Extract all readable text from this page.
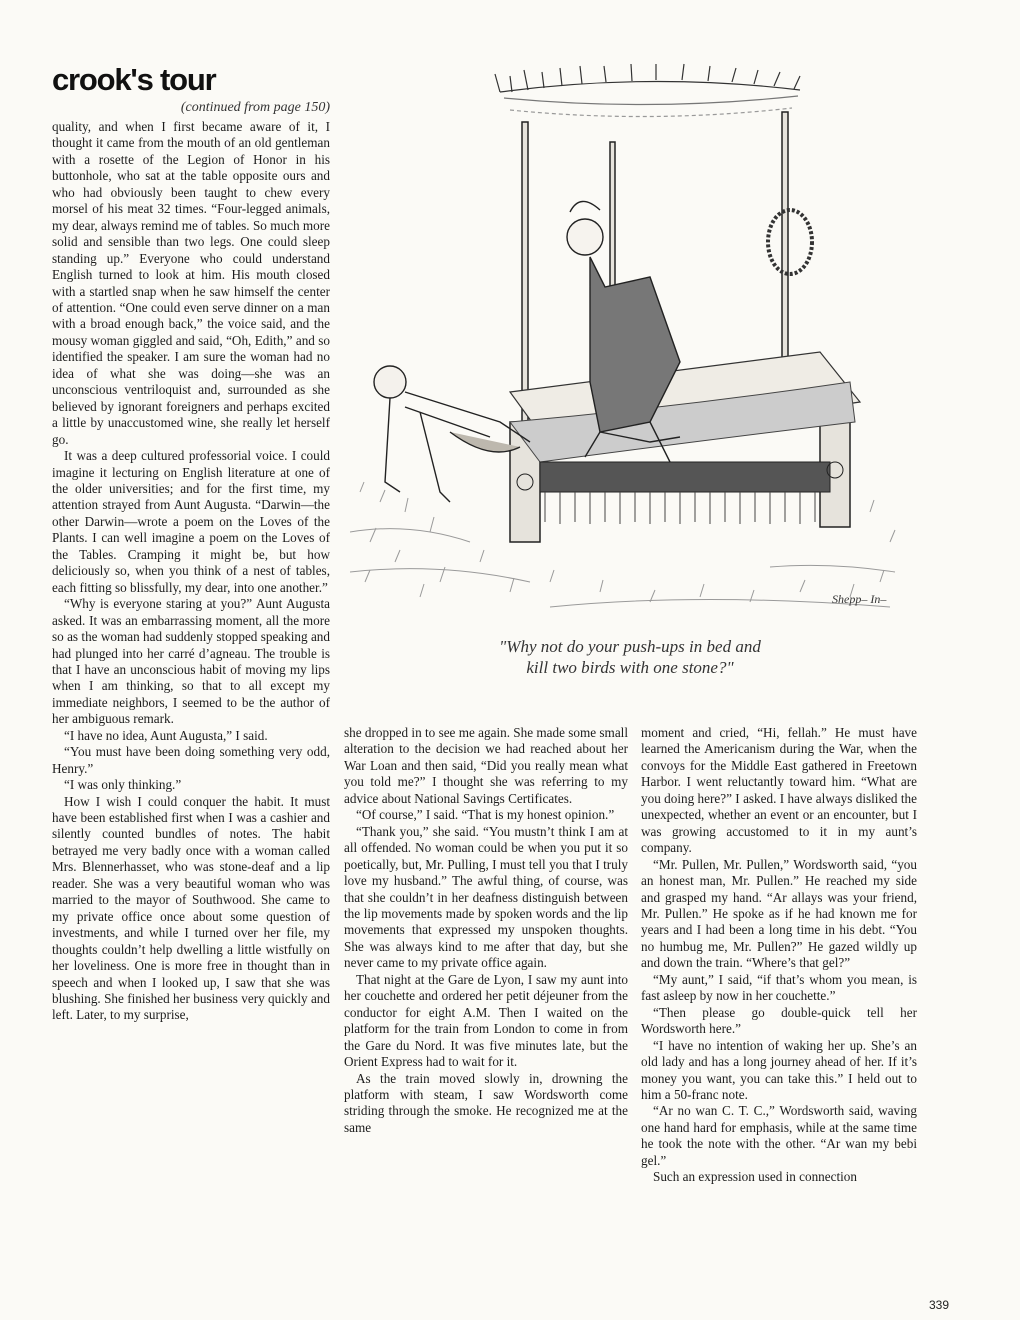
crook's tour
(continued from page 150)

quality, and when I first became aware of it, I thought it came from the mouth of an old gentleman with a rosette of the Legion of Honor in his buttonhole, who sat at the table opposite ours and who had obviously been taught to chew every morsel of his meat 32 times. “Four-legged animals, my dear, always remind me of tables. So much more solid and sensible than two legs. One could sleep standing up.” Everyone who could understand English turned to look at him. His mouth closed with a startled snap when he saw himself the center of attention. “One could even serve dinner on a man with a broad enough back,” the voice said, and the mousy woman giggled and said, “Oh, Edith,” and so identified the speaker. I am sure the woman had no idea of what she was doing—she was an unconscious ventriloquist and, surrounded as she believed by ignorant foreigners and perhaps excited a little by unaccustomed wine, she really let herself go.

It was a deep cultured professorial voice. I could imagine it lecturing on English literature at one of the older universities; and for the first time, my attention strayed from Aunt Augusta. “Darwin—the other Darwin—wrote a poem on the Loves of the Plants. I can well imagine a poem on the Loves of the Tables. Cramping it might be, but how deliciously so, when you think of a nest of tables, each fitting so blissfully, my dear, into one another.”

“Why is everyone staring at you?” Aunt Augusta asked. It was an embarrassing moment, all the more so as the woman had suddenly stopped speaking and had plunged into her carré d’agneau. The trouble is that I have an unconscious habit of moving my lips when I am thinking, so that to all except my immediate neighbors, I seemed to be the author of her ambiguous remark.

“I have no idea, Aunt Augusta,” I said.

“You must have been doing something very odd, Henry.”

“I was only thinking.”

How I wish I could conquer the habit. It must have been established first when I was a cashier and silently counted bundles of notes. The habit betrayed me very badly once with a woman called Mrs. Blennerhasset, who was stone-deaf and a lip reader. She was a very beautiful woman who was married to the mayor of Southwood. She came to my private office once about some question of investments, and while I turned over her file, my thoughts couldn’t help dwelling a little wistfully on her loveliness. One is more free in thought than in speech and when I looked up, I saw that she was blushing. She finished her business very quickly and left. Later, to my surprise,

Shepp– In–
"Why not do your push-ups in bed and
kill two birds with one stone?"

she dropped in to see me again. She made some small alteration to the decision we had reached about her War Loan and then said, “Did you really mean what you told me?” I thought she was referring to my advice about National Savings Certificates.

“Of course,” I said. “That is my honest opinion.”

“Thank you,” she said. “You mustn’t think I am at all offended. No woman could be when you put it so poetically, but, Mr. Pulling, I must tell you that I truly love my husband.” The awful thing, of course, was that she couldn’t in her deafness distinguish between the lip movements made by spoken words and the lip movements that expressed my unspoken thoughts. She was always kind to me after that day, but she never came to my private office again.

That night at the Gare de Lyon, I saw my aunt into her couchette and ordered her petit déjeuner from the conductor for eight A.M. Then I waited on the platform for the train from London to come in from the Gare du Nord. It was five minutes late, but the Orient Express had to wait for it.

As the train moved slowly in, drowning the platform with steam, I saw Wordsworth come striding through the smoke. He recognized me at the same

moment and cried, “Hi, fellah.” He must have learned the Americanism during the War, when the convoys for the Middle East gathered in Freetown Harbor. I went reluctantly toward him. “What are you doing here?” I asked. I have always disliked the unexpected, whether an event or an encounter, but I was growing accustomed to it in my aunt’s company.

“Mr. Pullen, Mr. Pullen,” Wordsworth said, “you an honest man, Mr. Pullen.” He reached my side and grasped my hand. “Ar allays was your friend, Mr. Pullen.” He spoke as if he had known me for years and I had been a long time in his debt. “You no humbug me, Mr. Pullen?” He gazed wildly up and down the train. “Where’s that gel?”

“My aunt,” I said, “if that’s whom you mean, is fast asleep by now in her couchette.”

“Then please go double-quick tell her Wordsworth here.”

“I have no intention of waking her up. She’s an old lady and has a long journey ahead of her. If it’s money you want, you can take this.” I held out to him a 50-franc note.

“Ar no wan C. T. C.,” Wordsworth said, waving one hand hard for emphasis, while at the same time he took the note with the other. “Ar wan my bebi gel.”

Such an expression used in connection

339
